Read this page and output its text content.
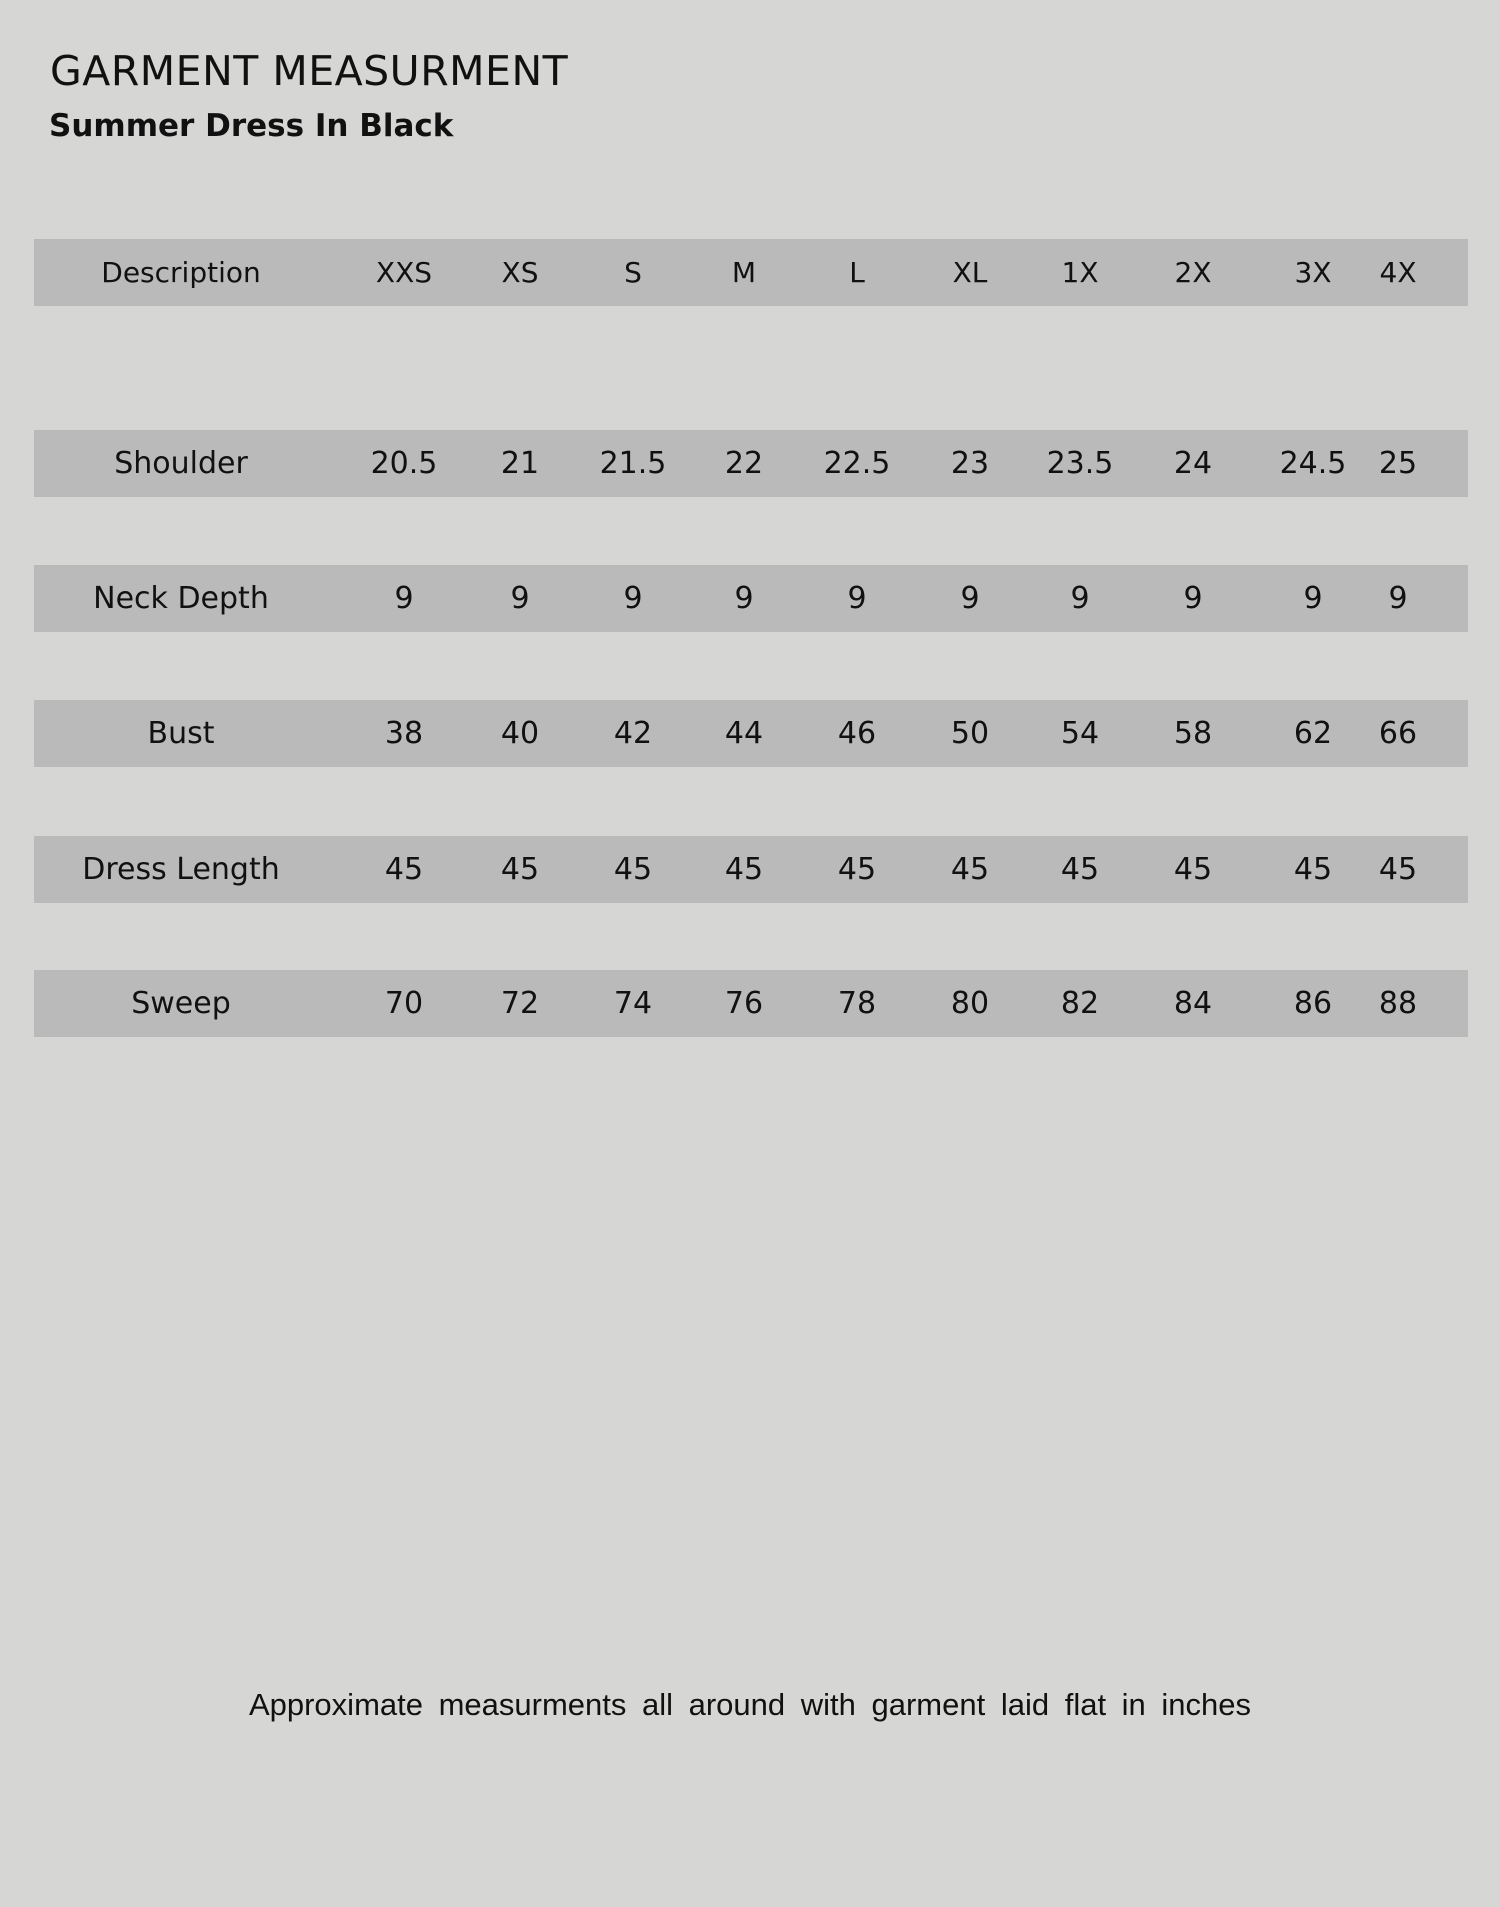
GARMENT MEASURMENT
Summer Dress In Black
Description	XXS	XS	S	M	L	XL	1X	2X	3X	4X
Shoulder	20.5	21	21.5	22	22.5	23	23.5	24	24.5	25
Neck Depth	9	9	9	9	9	9	9	9	9	9
Bust	38	40	42	44	46	50	54	58	62	66
Dress Length	45	45	45	45	45	45	45	45	45	45
Sweep	70	72	74	76	78	80	82	84	86	88

Approximate measurments all around with garment laid flat in inches
